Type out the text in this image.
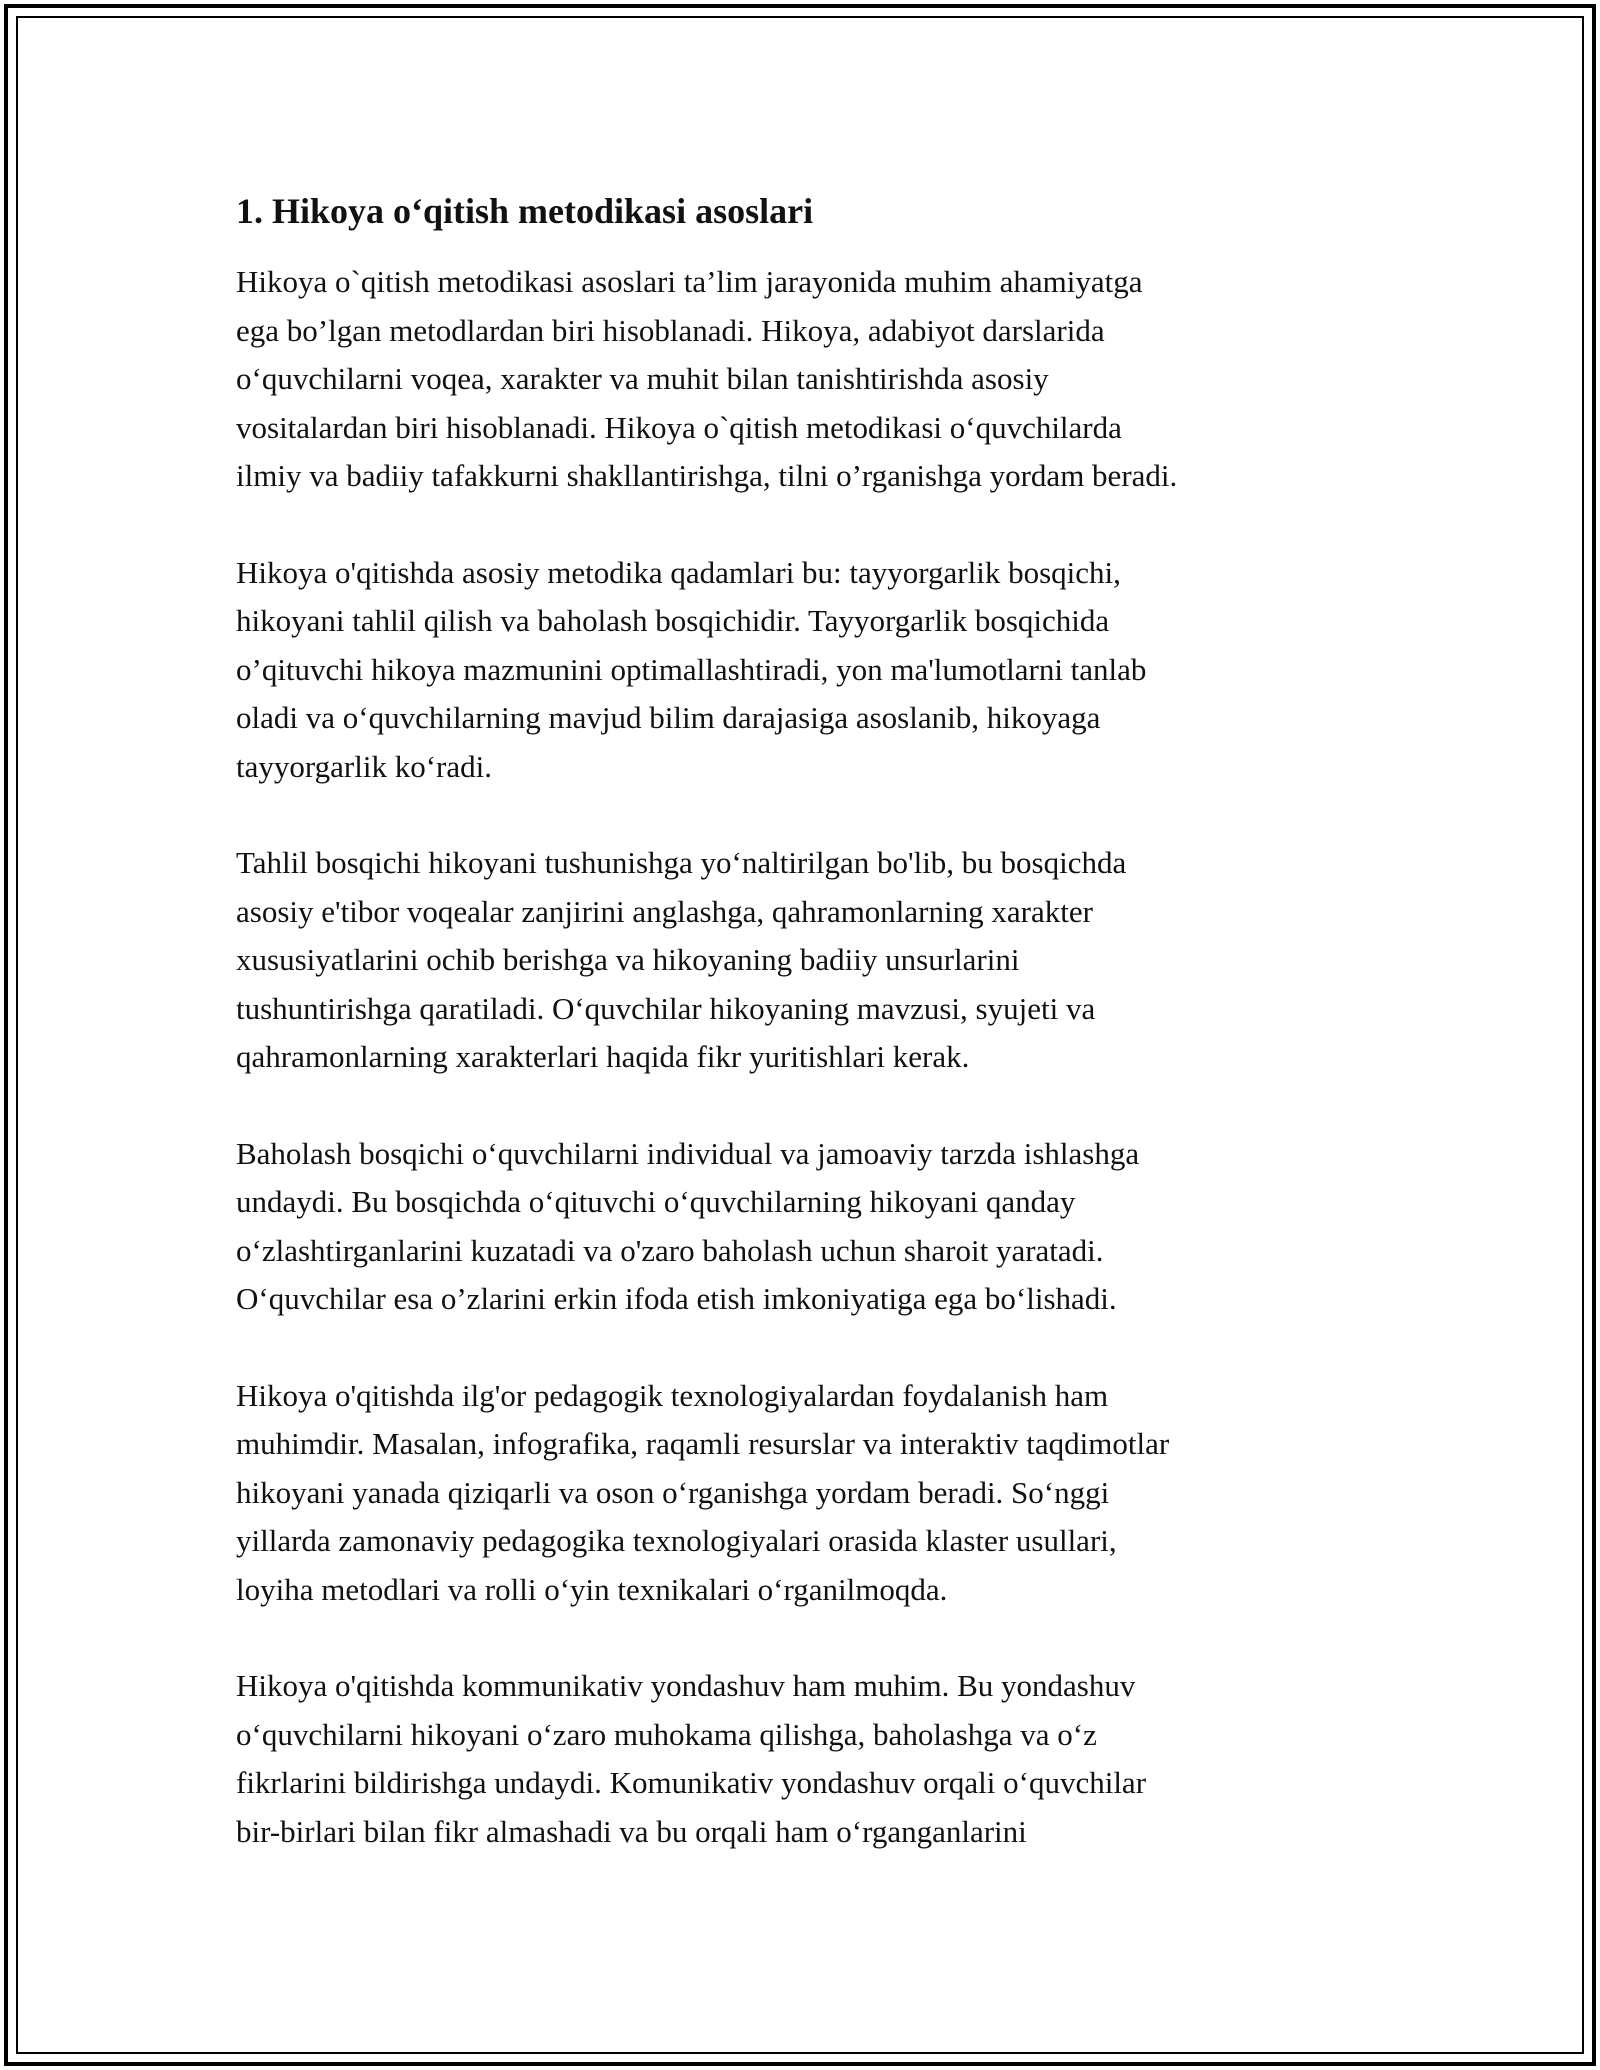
1. Hikoya oʻqitish metodikasi asoslari

Hikoya o`qitish metodikasi asoslari ta’lim jarayonida muhim ahamiyatga
ega bo’lgan metodlardan biri hisoblanadi. Hikoya, adabiyot darslarida
oʻquvchilarni voqea, xarakter va muhit bilan tanishtirishda asosiy
vositalardan biri hisoblanadi. Hikoya o`qitish metodikasi oʻquvchilarda
ilmiy va badiiy tafakkurni shakllantirishga, tilni o’rganishga yordam beradi.

Hikoya o'qitishda asosiy metodika qadamlari bu: tayyorgarlik bosqichi,
hikoyani tahlil qilish va baholash bosqichidir. Tayyorgarlik bosqichida
o’qituvchi hikoya mazmunini optimallashtiradi, yon ma'lumotlarni tanlab
oladi va oʻquvchilarning mavjud bilim darajasiga asoslanib, hikoyaga
tayyorgarlik koʻradi.

Tahlil bosqichi hikoyani tushunishga yoʻnaltirilgan bo'lib, bu bosqichda
asosiy e'tibor voqealar zanjirini anglashga, qahramonlarning xarakter
xususiyatlarini ochib berishga va hikoyaning badiiy unsurlarini
tushuntirishga qaratiladi. Oʻquvchilar hikoyaning mavzusi, syujeti va
qahramonlarning xarakterlari haqida fikr yuritishlari kerak.

Baholash bosqichi oʻquvchilarni individual va jamoaviy tarzda ishlashga
undaydi. Bu bosqichda oʻqituvchi oʻquvchilarning hikoyani qanday
oʻzlashtirganlarini kuzatadi va o'zaro baholash uchun sharoit yaratadi.
Oʻquvchilar esa o’zlarini erkin ifoda etish imkoniyatiga ega boʻlishadi.

Hikoya o'qitishda ilg'or pedagogik texnologiyalardan foydalanish ham
muhimdir. Masalan, infografika, raqamli resurslar va interaktiv taqdimotlar
hikoyani yanada qiziqarli va oson oʻrganishga yordam beradi. Soʻnggi
yillarda zamonaviy pedagogika texnologiyalari orasida klaster usullari,
loyiha metodlari va rolli oʻyin texnikalari oʻrganilmoqda.

Hikoya o'qitishda kommunikativ yondashuv ham muhim. Bu yondashuv
oʻquvchilarni hikoyani oʻzaro muhokama qilishga, baholashga va oʻz
fikrlarini bildirishga undaydi. Komunikativ yondashuv orqali oʻquvchilar
bir-birlari bilan fikr almashadi va bu orqali ham oʻrganganlarini
